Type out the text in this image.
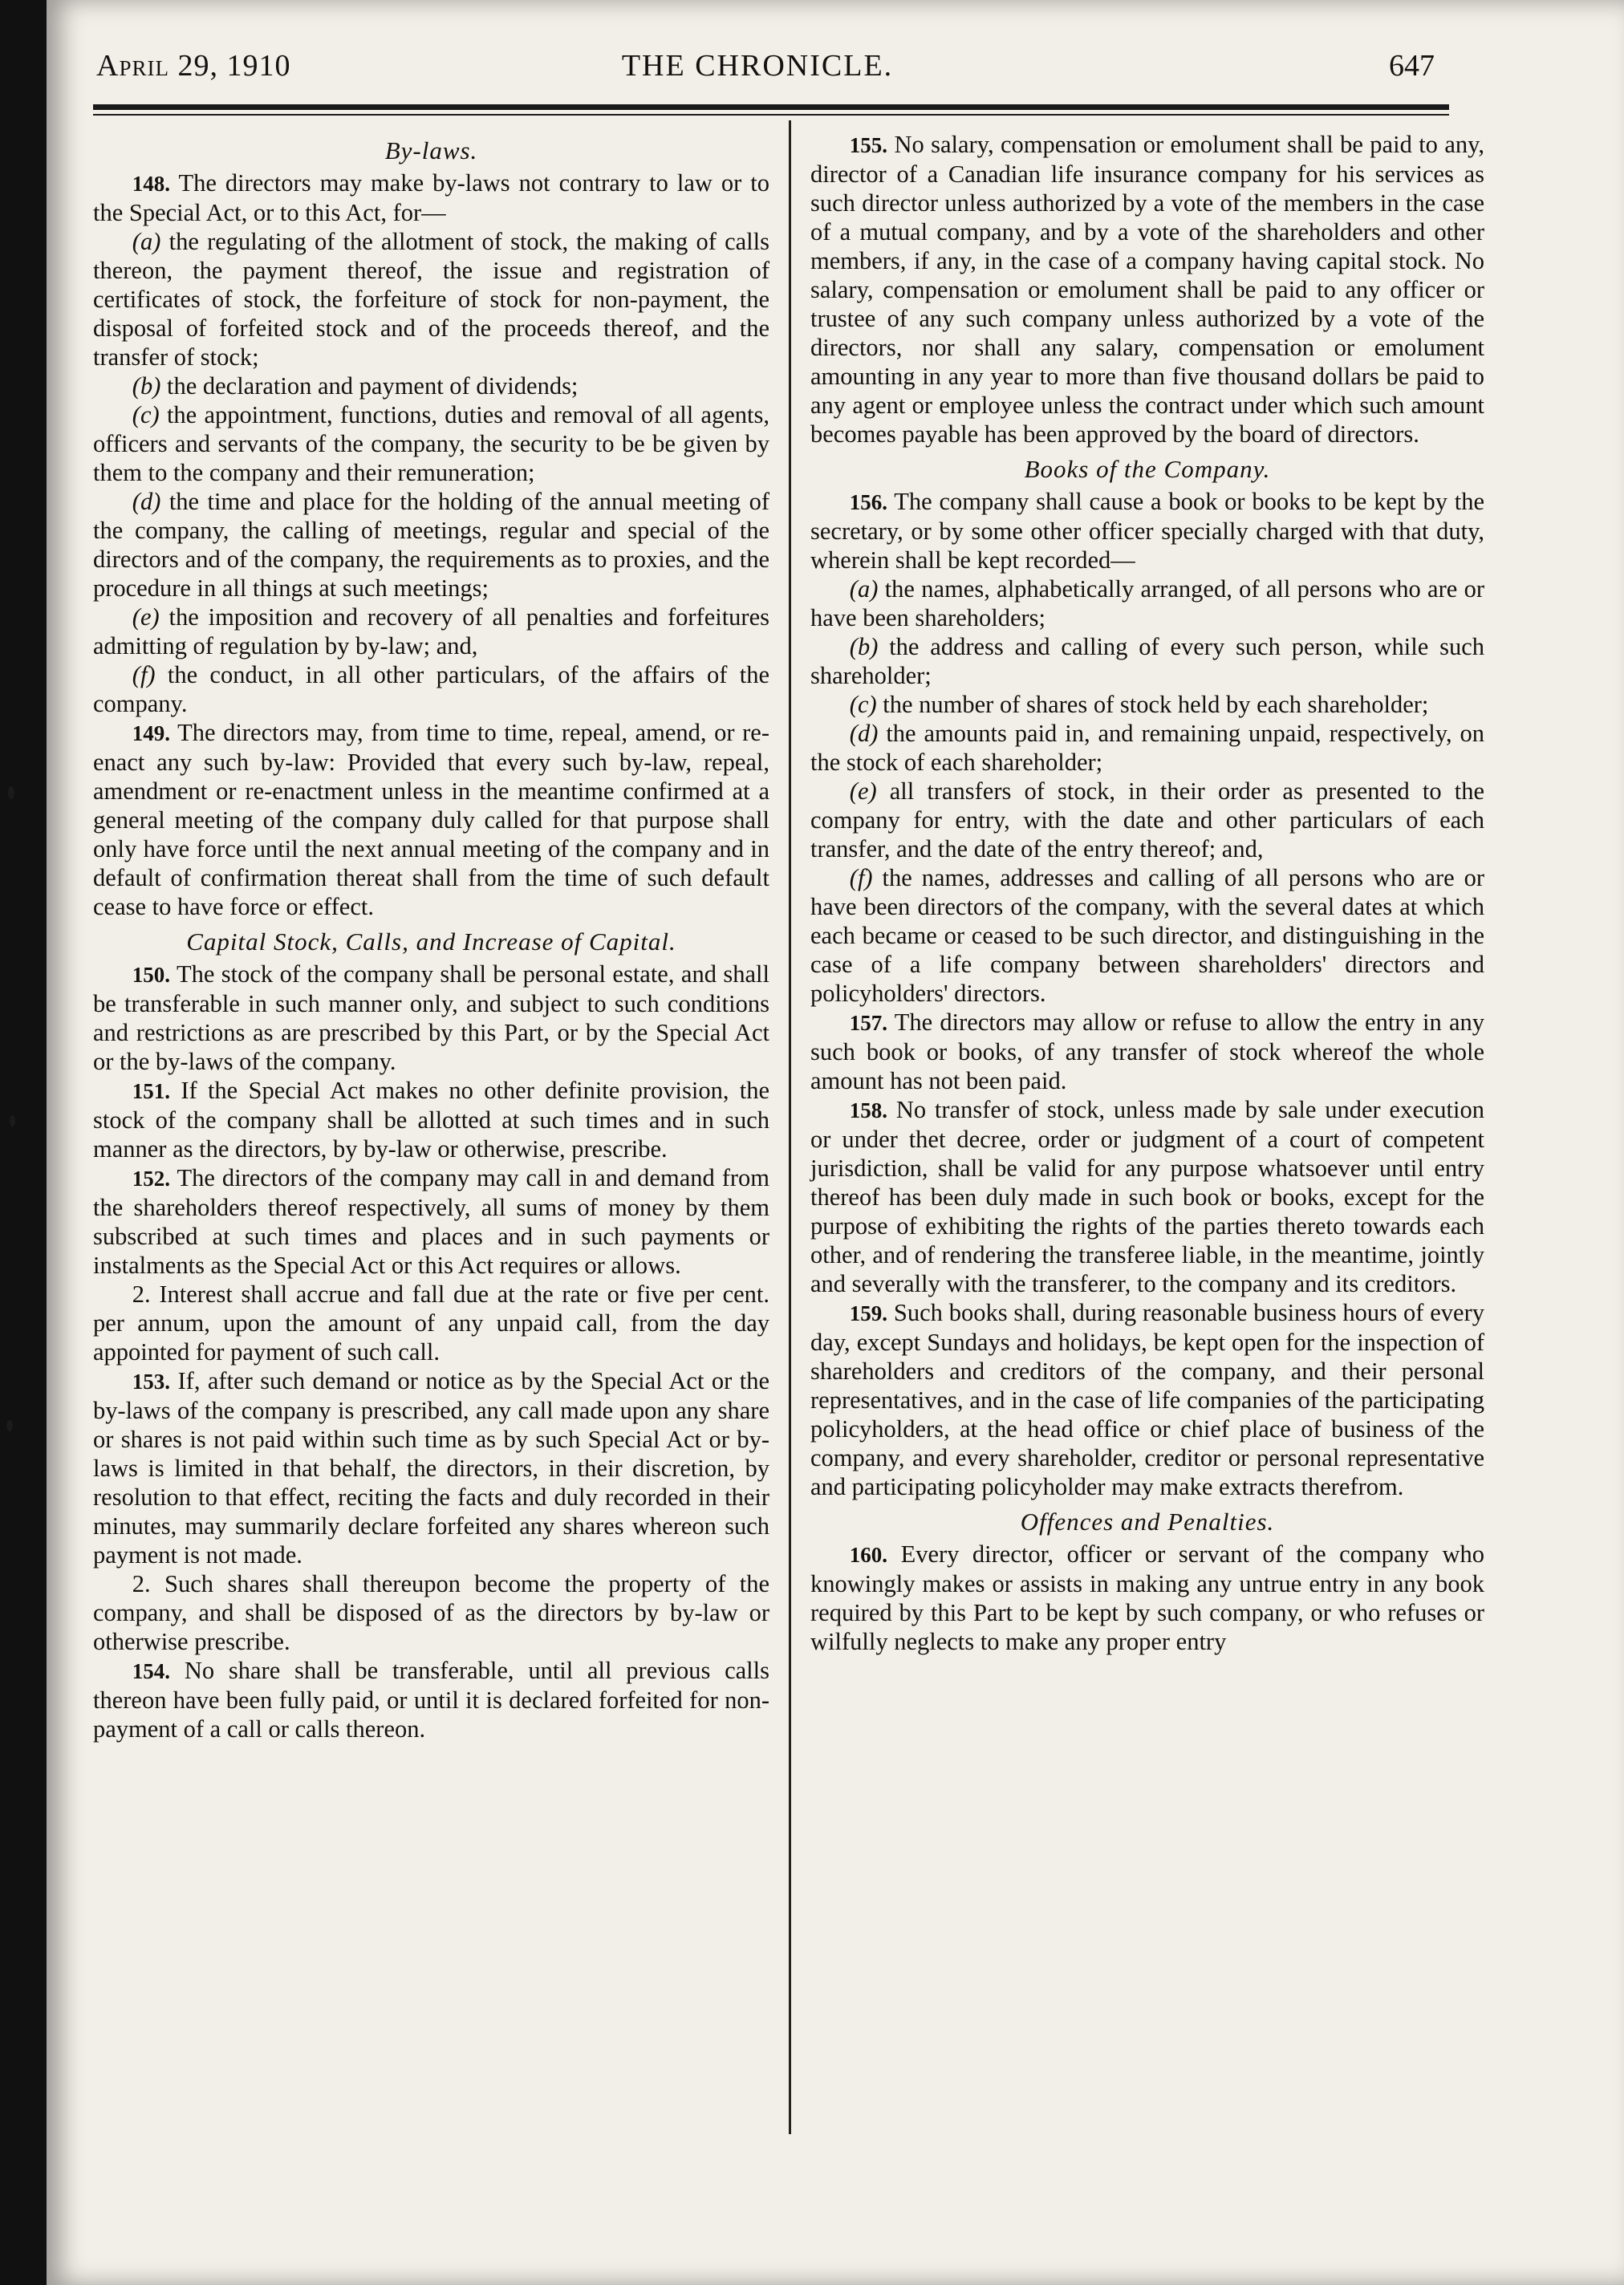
April 29, 1910	THE CHRONICLE.	647
By-laws.

148. The directors may make by-laws not contrary to law or to the Special Act, or to this Act, for—

(a) the regulating of the allotment of stock, the making of calls thereon, the payment thereof, the issue and registration of certificates of stock, the forfeiture of stock for non-payment, the disposal of forfeited stock and of the proceeds thereof, and the transfer of stock;

(b) the declaration and payment of dividends;

(c) the appointment, functions, duties and removal of all agents, officers and servants of the company, the security to be be given by them to the company and their remuneration;

(d) the time and place for the holding of the annual meeting of the company, the calling of meetings, regular and special of the directors and of the company, the requirements as to proxies, and the procedure in all things at such meetings;

(e) the imposition and recovery of all penalties and forfeitures admitting of regulation by by-law; and,

(f) the conduct, in all other particulars, of the affairs of the company.

149. The directors may, from time to time, repeal, amend, or re-enact any such by-law: Provided that every such by-law, repeal, amendment or re-enactment unless in the meantime confirmed at a general meeting of the company duly called for that purpose shall only have force until the next annual meeting of the company and in default of confirmation thereat shall from the time of such default cease to have force or effect.

Capital Stock, Calls, and Increase of Capital.

150. The stock of the company shall be personal estate, and shall be transferable in such manner only, and subject to such conditions and restrictions as are prescribed by this Part, or by the Special Act or the by-laws of the company.

151. If the Special Act makes no other definite provision, the stock of the company shall be allotted at such times and in such manner as the directors, by by-law or otherwise, prescribe.

152. The directors of the company may call in and demand from the shareholders thereof respectively, all sums of money by them subscribed at such times and places and in such payments or instalments as the Special Act or this Act requires or allows.

2. Interest shall accrue and fall due at the rate or five per cent. per annum, upon the amount of any unpaid call, from the day appointed for payment of such call.

153. If, after such demand or notice as by the Special Act or the by-laws of the company is prescribed, any call made upon any share or shares is not paid within such time as by such Special Act or by-laws is limited in that behalf, the directors, in their discretion, by resolution to that effect, reciting the facts and duly recorded in their minutes, may summarily declare forfeited any shares whereon such payment is not made.

2. Such shares shall thereupon become the property of the company, and shall be disposed of as the directors by by-law or otherwise prescribe.

154. No share shall be transferable, until all previous calls thereon have been fully paid, or until it is declared forfeited for non-payment of a call or calls thereon.

155. No salary, compensation or emolument shall be paid to any, director of a Canadian life insurance company for his services as such director unless authorized by a vote of the members in the case of a mutual company, and by a vote of the shareholders and other members, if any, in the case of a company having capital stock. No salary, compensation or emolument shall be paid to any officer or trustee of any such company unless authorized by a vote of the directors, nor shall any salary, compensation or emolument amounting in any year to more than five thousand dollars be paid to any agent or employee unless the contract under which such amount becomes payable has been approved by the board of directors.

Books of the Company.

156. The company shall cause a book or books to be kept by the secretary, or by some other officer specially charged with that duty, wherein shall be kept recorded—

(a) the names, alphabetically arranged, of all persons who are or have been shareholders;

(b) the address and calling of every such person, while such shareholder;

(c) the number of shares of stock held by each shareholder;

(d) the amounts paid in, and remaining unpaid, respectively, on the stock of each shareholder;

(e) all transfers of stock, in their order as presented to the company for entry, with the date and other particulars of each transfer, and the date of the entry thereof; and,

(f) the names, addresses and calling of all persons who are or have been directors of the company, with the several dates at which each became or ceased to be such director, and distinguishing in the case of a life company between shareholders' directors and policyholders' directors.

157. The directors may allow or refuse to allow the entry in any such book or books, of any transfer of stock whereof the whole amount has not been paid.

158. No transfer of stock, unless made by sale under execution or under thet decree, order or judgment of a court of competent jurisdiction, shall be valid for any purpose whatsoever until entry thereof has been duly made in such book or books, except for the purpose of exhibiting the rights of the parties thereto towards each other, and of rendering the transferee liable, in the meantime, jointly and severally with the transferer, to the company and its creditors.

159. Such books shall, during reasonable business hours of every day, except Sundays and holidays, be kept open for the inspection of shareholders and creditors of the company, and their personal representatives, and in the case of life companies of the participating policyholders, at the head office or chief place of business of the company, and every shareholder, creditor or personal representative and participating policyholder may make extracts therefrom.

Offences and Penalties.

160. Every director, officer or servant of the company who knowingly makes or assists in making any untrue entry in any book required by this Part to be kept by such company, or who refuses or wilfully neglects to make any proper entry
